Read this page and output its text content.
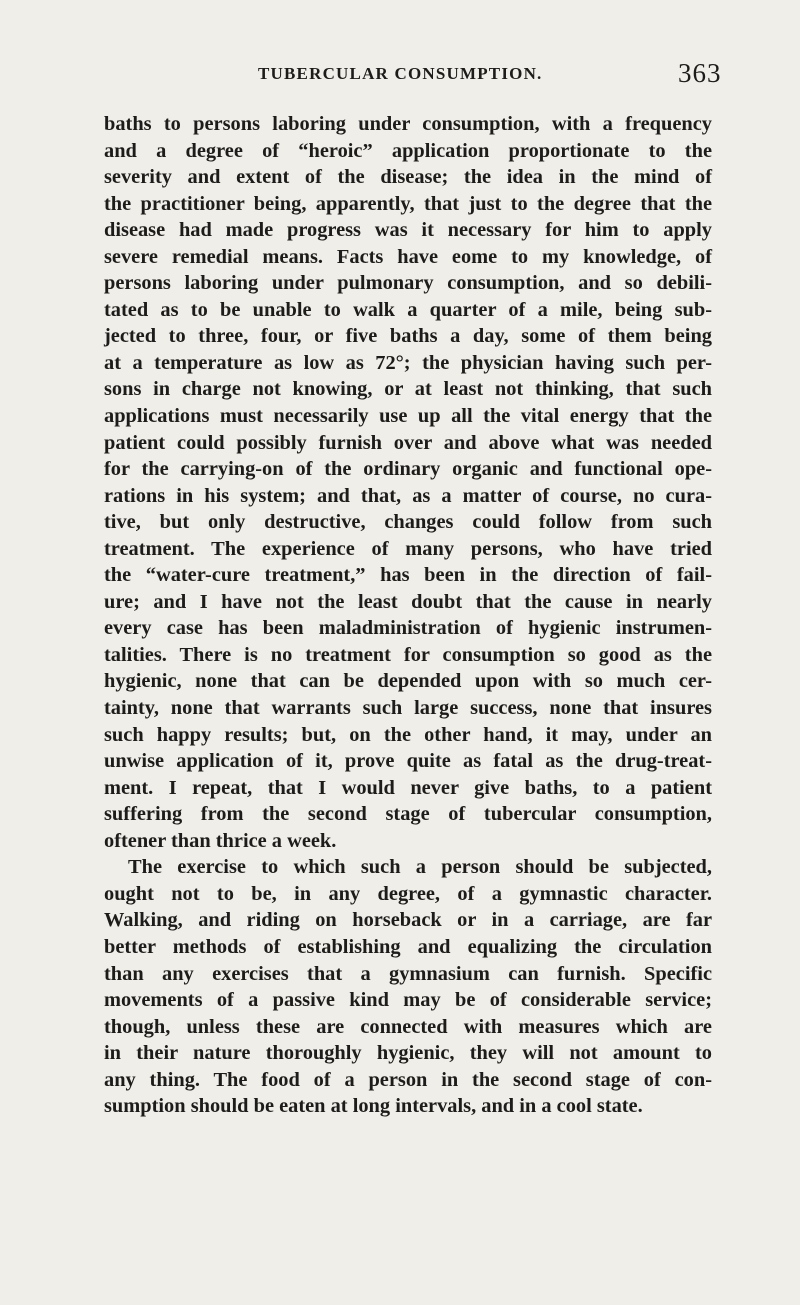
TUBERCULAR CONSUMPTION.	363
baths to persons laboring under consumption, with a frequency
and a degree of “heroic” application proportionate to the
severity and extent of the disease; the idea in the mind of
the practitioner being, apparently, that just to the degree that the
disease had made progress was it necessary for him to apply
severe remedial means. Facts have eome to my knowledge, of
persons laboring under pulmonary consumption, and so debili-
tated as to be unable to walk a quarter of a mile, being sub-
jected to three, four, or five baths a day, some of them being
at a temperature as low as 72°; the physician having such per-
sons in charge not knowing, or at least not thinking, that such
applications must necessarily use up all the vital energy that the
patient could possibly furnish over and above what was needed
for the carrying-on of the ordinary organic and functional ope-
rations in his system; and that, as a matter of course, no cura-
tive, but only destructive, changes could follow from such
treatment. The experience of many persons, who have tried
the “water-cure treatment,” has been in the direction of fail-
ure; and I have not the least doubt that the cause in nearly
every case has been maladministration of hygienic instrumen-
talities. There is no treatment for consumption so good as the
hygienic, none that can be depended upon with so much cer-
tainty, none that warrants such large success, none that insures
such happy results; but, on the other hand, it may, under an
unwise application of it, prove quite as fatal as the drug-treat-
ment. I repeat, that I would never give baths, to a patient
suffering from the second stage of tubercular consumption,
oftener than thrice a week.
The exercise to which such a person should be subjected,
ought not to be, in any degree, of a gymnastic character.
Walking, and riding on horseback or in a carriage, are far
better methods of establishing and equalizing the circulation
than any exercises that a gymnasium can furnish. Specific
movements of a passive kind may be of considerable service;
though, unless these are connected with measures which are
in their nature thoroughly hygienic, they will not amount to
any thing. The food of a person in the second stage of con-
sumption should be eaten at long intervals, and in a cool state.
